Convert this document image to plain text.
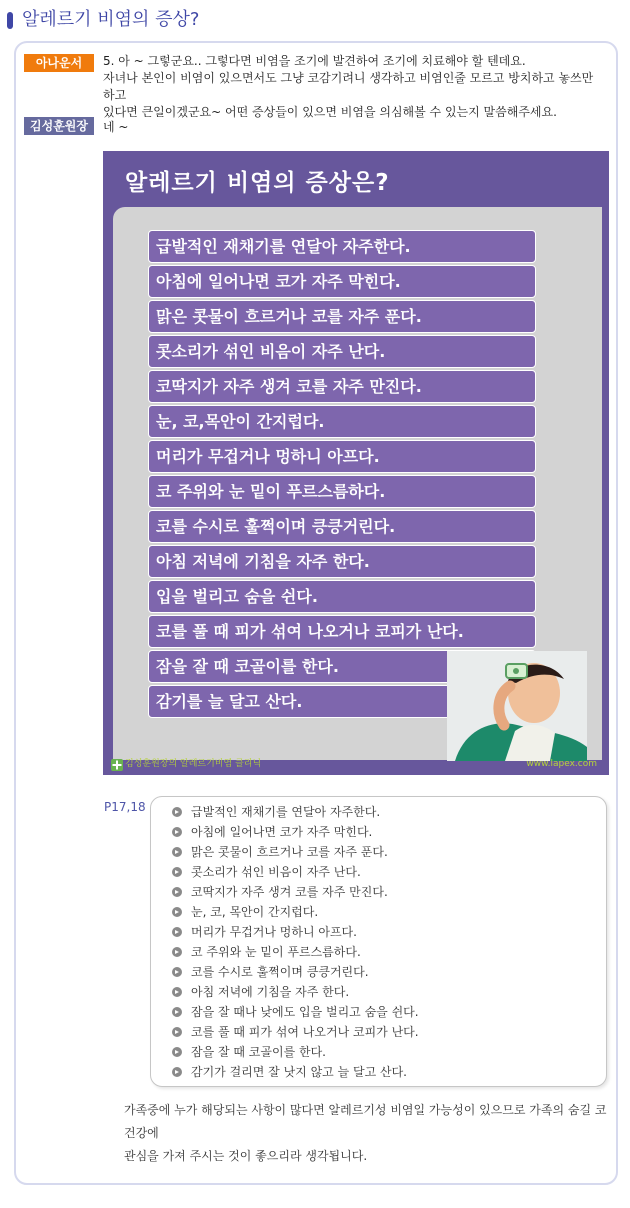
알레르기 비염의 증상?
아나운서	5. 아 ~ 그렇군요.. 그렇다면 비염을 조기에 발견하여 조기에 치료해야 할 텐데요.
자녀나 본인이 비염이 있으면서도 그냥 코감기려니 생각하고 비염인줄 모르고 방치하고 놓쓰만 하고
있다면 큰일이겠군요~ 어떤 증상들이 있으면 비염을 의심해볼 수 있는지 말씀해주세요.
김성훈원장	네 ~
알레르기 비염의 증상은?
급발적인 재채기를 연달아 자주한다.
아침에 일어나면 코가 자주 막힌다.
맑은 콧물이 흐르거나 코를 자주 푼다.
콧소리가 섞인 비음이 자주 난다.
코딱지가 자주 생겨 코를 자주 만진다.
눈, 코,목안이 간지럽다.
머리가 무겁거나 멍하니 아프다.
코 주위와 눈 밑이 푸르스름하다.
코를 수시로 훌쩍이며 킁킁거린다.
아침 저녁에 기침을 자주 한다.
입을 벌리고 숨을 쉰다.
코를 풀 때 피가 섞여 나오거나 코피가 난다.
잠을 잘 때 코골이를 한다.
감기를 늘 달고 산다.
김성훈원장의 알레르기비염 클리닉	www.lapex.com
P17,18	급발적인 재채기를 연달아 자주한다.
아침에 일어나면 코가 자주 막힌다.
맑은 콧물이 흐르거나 코를 자주 푼다.
콧소리가 섞인 비음이 자주 난다.
코딱지가 자주 생겨 코를 자주 만진다.
눈, 코, 목안이 간지럽다.
머리가 무겁거나 멍하니 아프다.
코 주위와 눈 밑이 푸르스름하다.
코를 수시로 훌쩍이며 킁킁거린다.
아침 저녁에 기침을 자주 한다.
잠을 잘 때나 낮에도 입을 벌리고 숨을 쉰다.
코를 풀 때 피가 섞여 나오거나 코피가 난다.
잠을 잘 때 코골이를 한다.
감기가 걸리면 잘 낫지 않고 늘 달고 산다.
가족중에 누가 해당되는 사항이 많다면 알레르기성 비염일 가능성이 있으므로 가족의 숨길 코건강에
관심을 가져 주시는 것이 좋으리라 생각됩니다.
